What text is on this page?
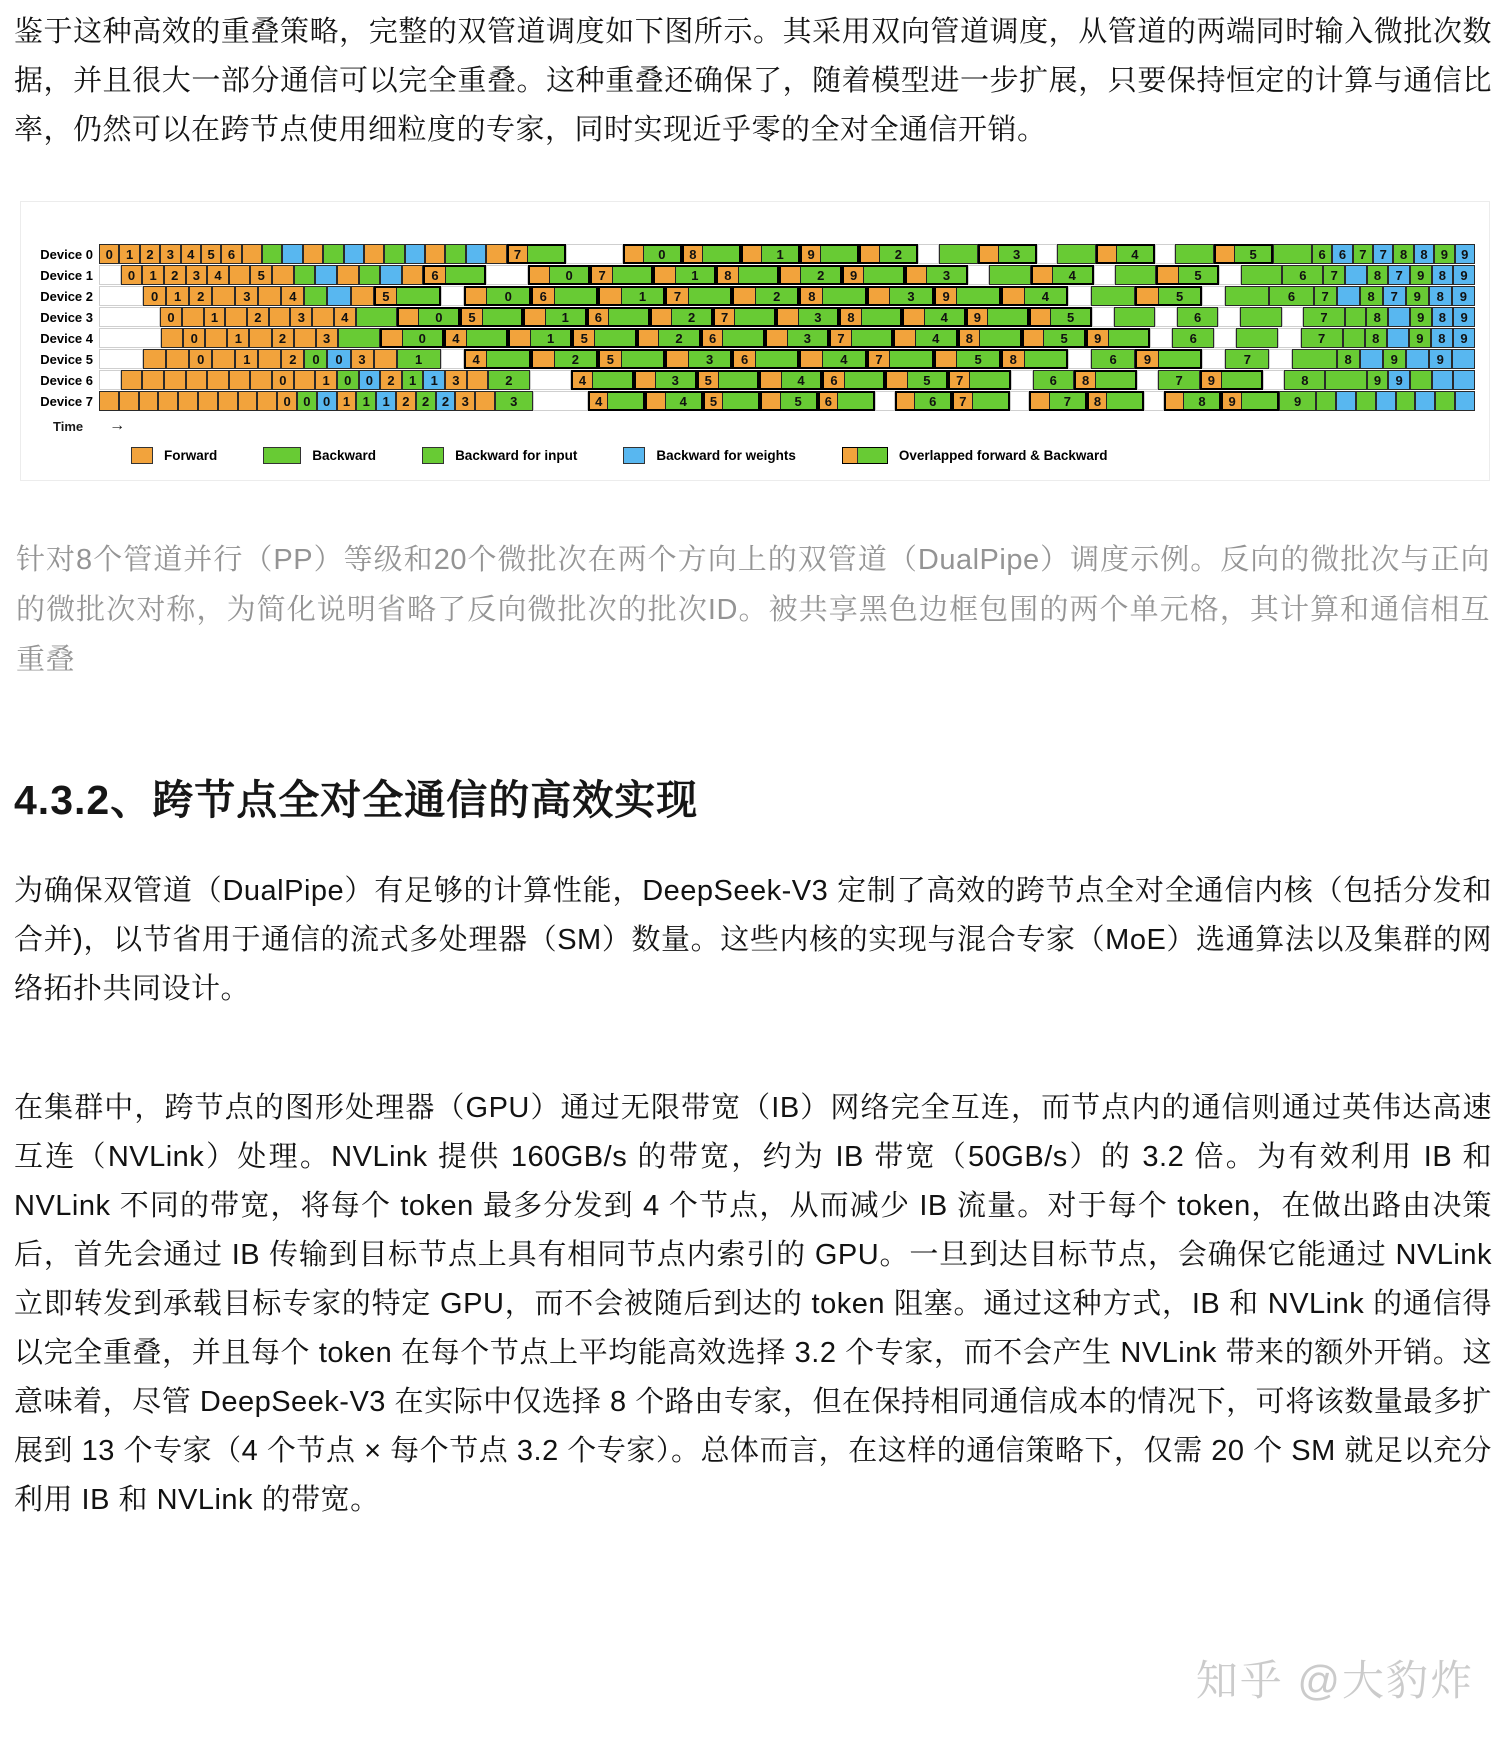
鉴于这种高效的重叠策略，完整的双管道调度如下图所示。其采用双向管道调度，从管道的两端同时输入微批次数据，并且很大一部分通信可以完全重叠。这种重叠还确保了，随着模型进一步扩展，只要保持恒定的计算与通信比率，仍然可以在跨节点使用细粒度的专家，同时实现近乎零的全对全通信开销。
Device 0 0	1	2	3	4	5	6	7	0	8	1	9	2	3	4	5	6	6	7	7	8	8	9	9
Device 1	0	1	2	3	4	5	6	0	7	1	8	2	9	3	4	5	6	7	8	7	9	8	9
Device 2	0	1	2	3	4	5	0	6	1	7	2	8	3	9	4	5	6	7	8	7	9	8	9
Device 3	0	1	2	3	4	0	5	1	6	2	7	3	8	4	9	5	6	7	8	9	8	9
Device 4	0	1	2	3	0	4	1	5	2	6	3	7	4	8	5	9	6	7	8	9	8	9
Device 5	0	1	2	0	0	3	1	4	2	5	3	6	4	7	5	8	6	9	7	8	9	9
Device 6	0	1	0	0	2	1	1	3	2	4	3	5	4	6	5	7	6	8	7	9	8	9	9
Device 7	0 0 0 1 1 1 2 2 2 3	3	4	4	5	5	6	6	7	7	8	8	9	9
Time →
Forward	Backward	Backward for input	Backward for weights	Overlapped forward & Backward
针对8个管道并行（PP）等级和20个微批次在两个方向上的双管道（DualPipe）调度示例。反向的微批次与正向的微批次对称，为简化说明省略了反向微批次的批次ID。被共享黑色边框包围的两个单元格，其计算和通信相互重叠
4.3.2、跨节点全对全通信的高效实现
为确保双管道（DualPipe）有足够的计算性能，DeepSeek-V3 定制了高效的跨节点全对全通信内核（包括分发和合并)，以节省用于通信的流式多处理器（SM）数量。这些内核的实现与混合专家（MoE）选通算法以及集群的网络拓扑共同设计。
在集群中，跨节点的图形处理器（GPU）通过无限带宽（IB）网络完全互连，而节点内的通信则通过英伟达高速互连（NVLink）处理。NVLink 提供 160GB/s 的带宽，约为 IB 带宽（50GB/s）的 3.2 倍。为有效利用 IB 和 NVLink 不同的带宽，将每个 token 最多分发到 4 个节点，从而减少 IB 流量。对于每个 token，在做出路由决策后，首先会通过 IB 传输到目标节点上具有相同节点内索引的 GPU。一旦到达目标节点，会确保它能通过 NVLink 立即转发到承载目标专家的特定 GPU，而不会被随后到达的 token 阻塞。通过这种方式，IB 和 NVLink 的通信得以完全重叠，并且每个 token 在每个节点上平均能高效选择 3.2 个专家，而不会产生 NVLink 带来的额外开销。这意味着，尽管 DeepSeek-V3 在实际中仅选择 8 个路由专家，但在保持相同通信成本的情况下，可将该数量最多扩展到 13 个专家（4 个节点 × 每个节点 3.2 个专家）。总体而言，在这样的通信策略下，仅需 20 个 SM 就足以充分利用 IB 和 NVLink 的带宽。
知乎 @大豹炸
